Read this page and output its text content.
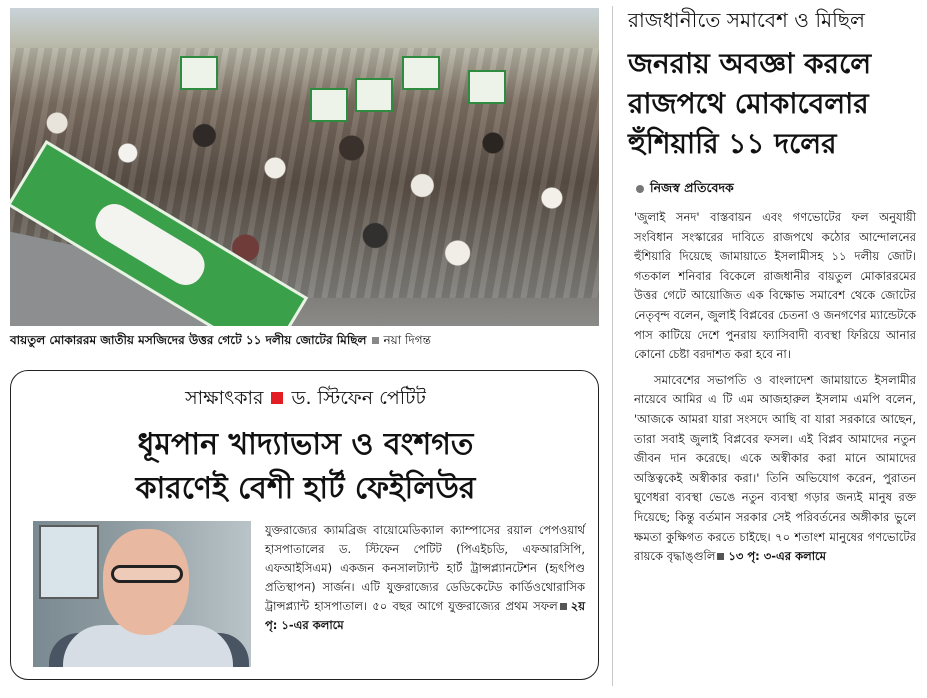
বায়তুল মোকাররম জাতীয় মসজিদের উত্তর গেটে ১১ দলীয় জোটের মিছিল নয়া দিগন্ত
সাক্ষাৎকার ড. স্টিফেন পেটিট
ধূমপান খাদ্যাভাস ও বংশগত
কারণেই বেশী হার্ট ফেইলিউর
যুক্তরাজ্যের ক্যামব্রিজ বায়োমেডিক্যাল ক্যাম্পাসের রয়াল পেপওয়ার্থ হাসপাতালের ড. স্টিফেন পেটিট (পিএইচডি, এফআরসিপি, এফআইসিএম) একজন কনসালট্যান্ট হার্ট ট্রান্সপ্ল্যানটেশন (হৃৎপিণ্ড প্রতিস্থাপন) সার্জন। এটি যুক্তরাজ্যের ডেডিকেটেড কার্ডিওথোরাসিক ট্রান্সপ্ল্যান্ট হাসপাতাল। ৫০ বছর আগে যুক্তরাজ্যের প্রথম সফল ২য় পৃ: ১-এর কলামে
রাজধানীতে সমাবেশ ও মিছিল
জনরায় অবজ্ঞা করলে
রাজপথে মোকাবেলার
হুঁশিয়ারি ১১ দলের
নিজস্ব প্রতিবেদক

'জুলাই সনদ' বাস্তবায়ন এবং গণভোটের ফল অনুযায়ী সংবিধান সংস্কারের দাবিতে রাজপথে কঠোর আন্দোলনের হুঁশিয়ারি দিয়েছে জামায়াতে ইসলামীসহ ১১ দলীয় জোট। গতকাল শনিবার বিকেলে রাজধানীর বায়তুল মোকাররমের উত্তর গেটে আয়োজিত এক বিক্ষোভ সমাবেশ থেকে জোটের নেতৃবৃন্দ বলেন, জুলাই বিপ্লবের চেতনা ও জনগণের ম্যান্ডেটকে পাস কাটিয়ে দেশে পুনরায় ফ্যাসিবাদী ব্যবস্থা ফিরিয়ে আনার কোনো চেষ্টা বরদাশত করা হবে না।

সমাবেশের সভাপতি ও বাংলাদেশ জামায়াতে ইসলামীর নায়েবে আমির এ টি এম আজহারুল ইসলাম এমপি বলেন, 'আজকে আমরা যারা সংসদে আছি বা যারা সরকারে আছেন, তারা সবাই জুলাই বিপ্লবের ফসল। এই বিপ্লব আমাদের নতুন জীবন দান করেছে। একে অস্বীকার করা মানে আমাদের অস্তিত্বকেই অস্বীকার করা।' তিনি অভিযোগ করেন, পুরাতন ঘুণেধরা ব্যবস্থা ভেঙে নতুন ব্যবস্থা গড়ার জন্যই মানুষ রক্ত দিয়েছে; কিন্তু বর্তমান সরকার সেই পরিবর্তনের অঙ্গীকার ভুলে ক্ষমতা কুক্ষিগত করতে চাইছে। ৭০ শতাংশ মানুষের গণভোটের রায়কে বৃদ্ধাঙ্গুলি ১৩ পৃ: ৩-এর কলামে
